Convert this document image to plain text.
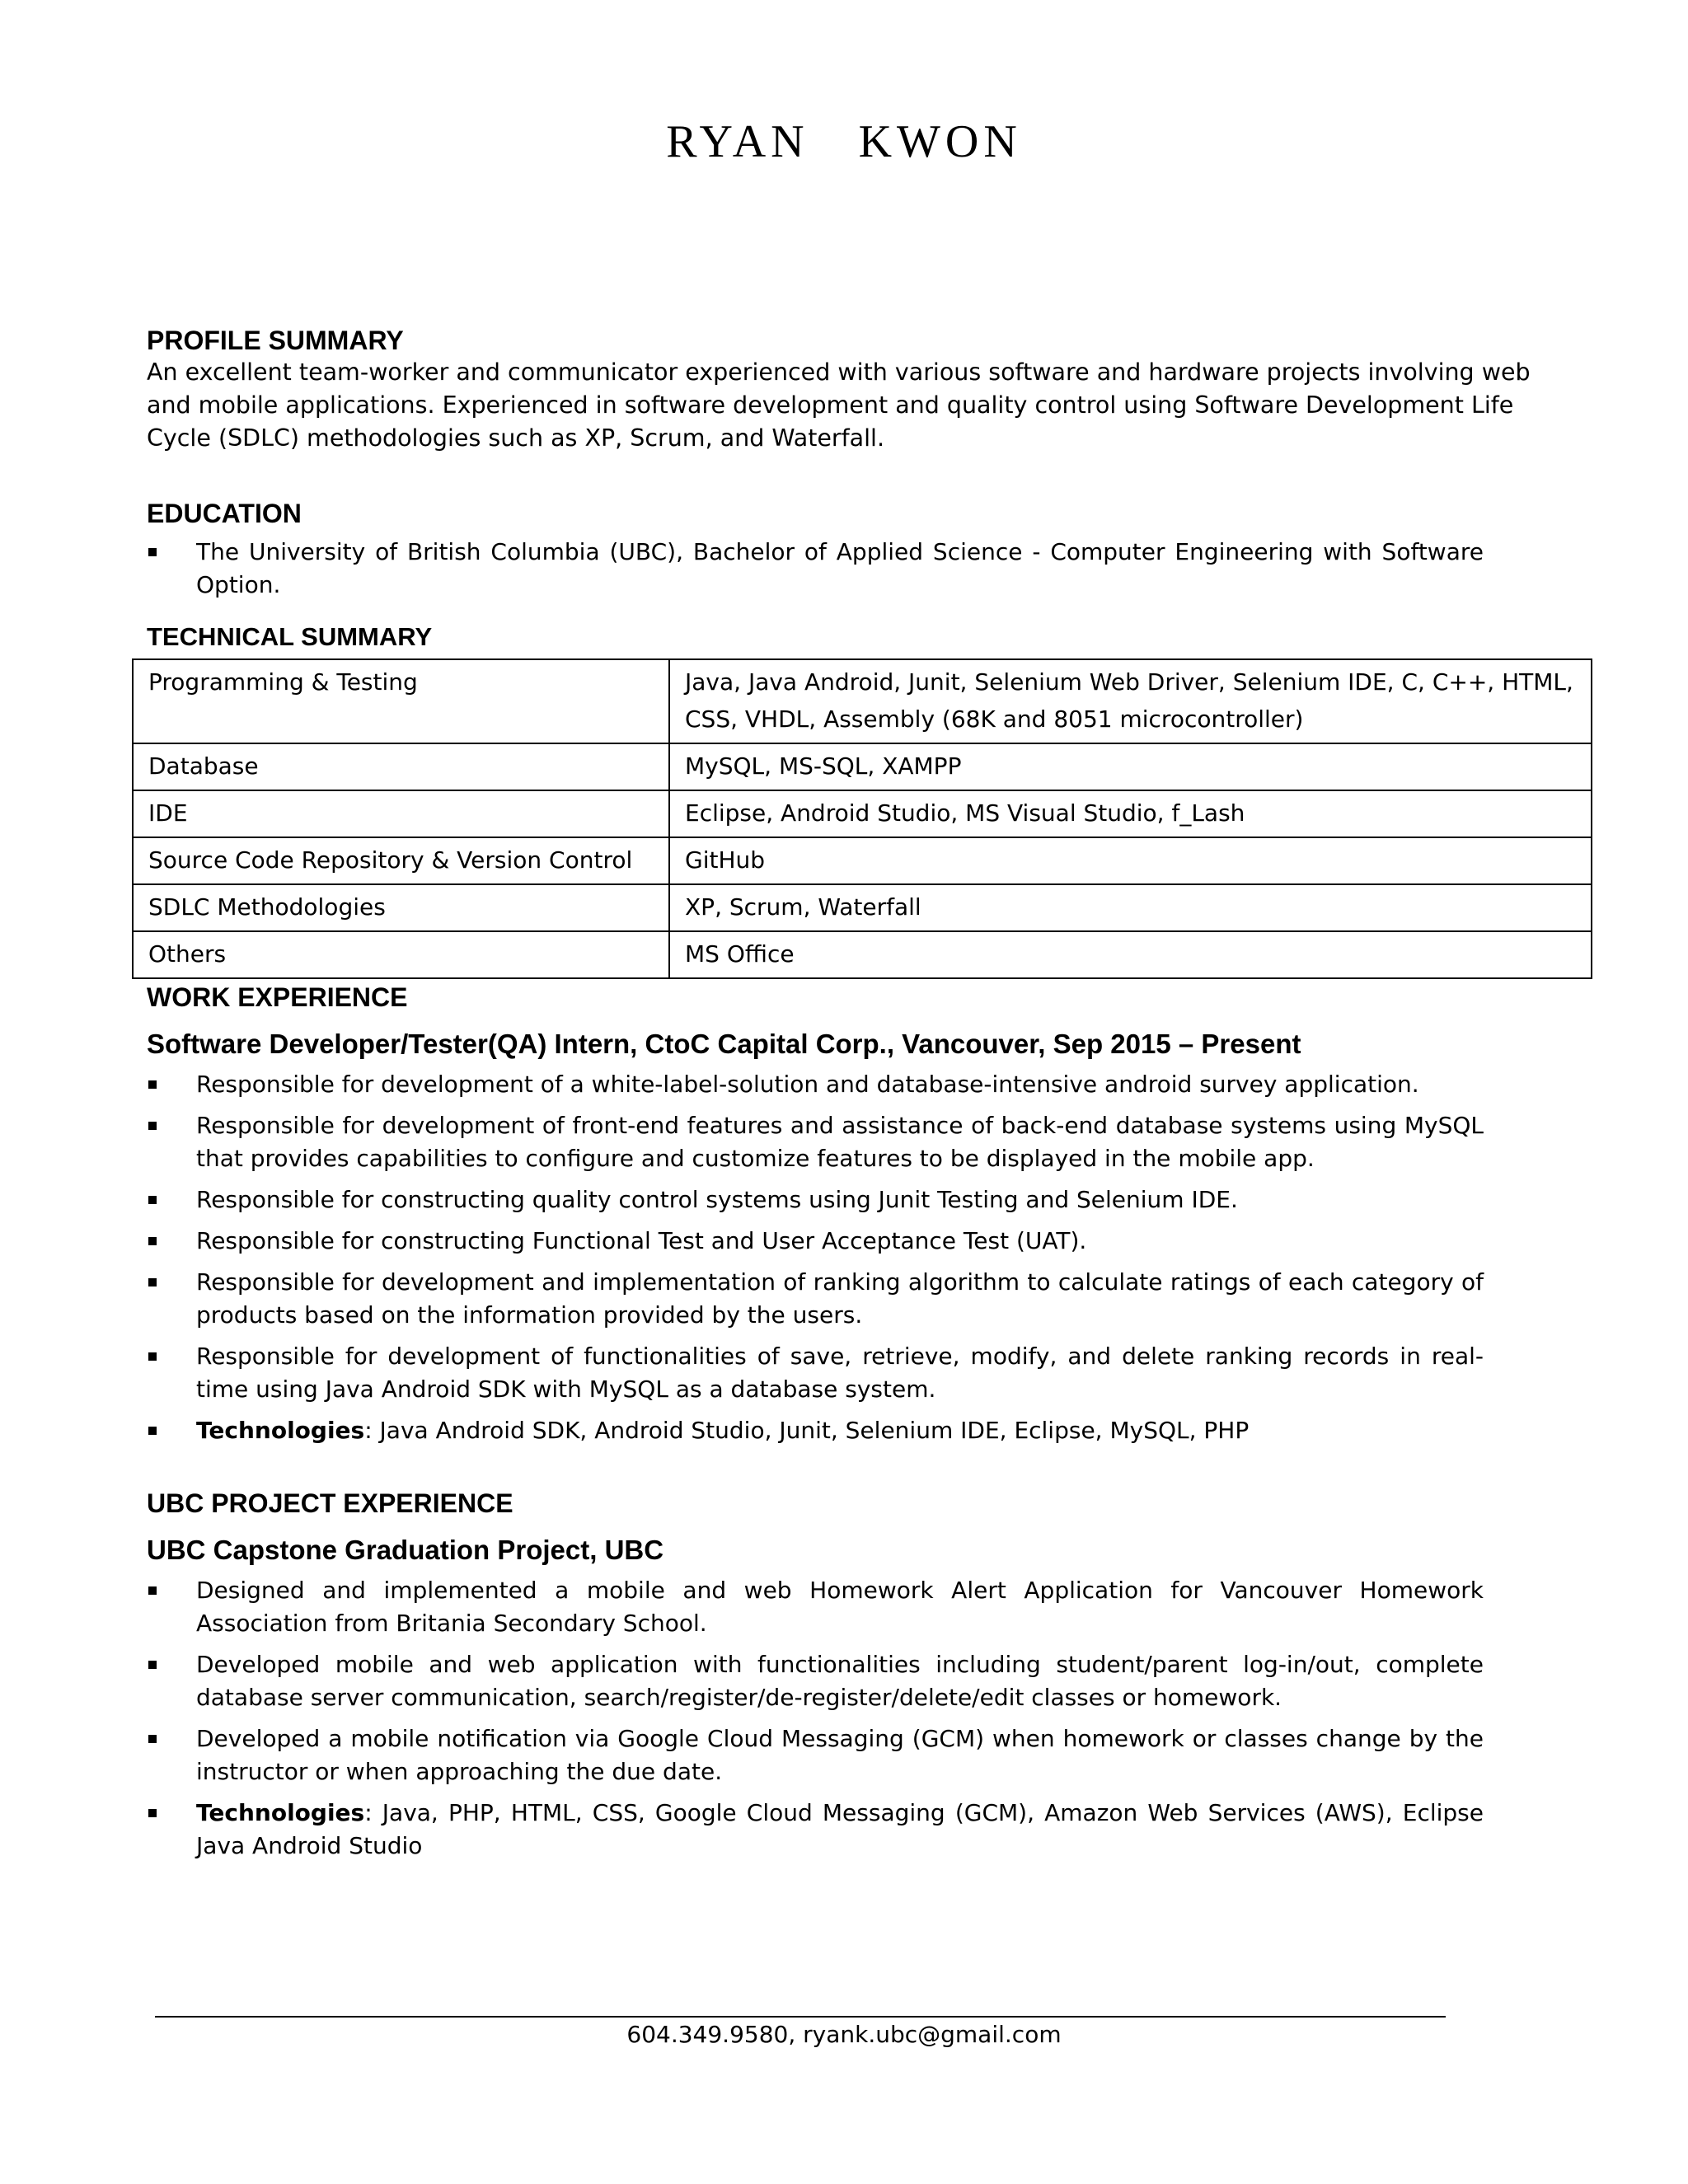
RYAN   KWON
PROFILE SUMMARY

An excellent team-worker and communicator experienced with various software and hardware projects involving web and mobile applications. Experienced in software development and quality control using Software Development Life Cycle (SDLC) methodologies such as XP, Scrum, and Waterfall.

EDUCATION
The University of British Columbia (UBC), Bachelor of Applied Science - Computer Engineering with Software Option.
TECHNICAL SUMMARY
Programming & Testing	Java, Java Android, Junit, Selenium Web Driver, Selenium IDE, C, C++, HTML, CSS, VHDL, Assembly (68K and 8051 microcontroller)
Database	MySQL, MS-SQL, XAMPP
IDE	Eclipse, Android Studio, MS Visual Studio, f_Lash
Source Code Repository & Version Control	GitHub
SDLC Methodologies	XP, Scrum, Waterfall
Others	MS Office
WORK EXPERIENCE
Software Developer/Tester(QA) Intern, CtoC Capital Corp., Vancouver, Sep 2015 – Present
Responsible for development of a white-label-solution and database-intensive android survey application.
Responsible for development of front-end features and assistance of back-end database systems using MySQL that provides capabilities to configure and customize features to be displayed in the mobile app.
Responsible for constructing quality control systems using Junit Testing and Selenium IDE.
Responsible for constructing Functional Test and User Acceptance Test (UAT).
Responsible for development and implementation of ranking algorithm to calculate ratings of each category of products based on the information provided by the users.
Responsible for development of functionalities of save, retrieve, modify, and delete ranking records in real-time using Java Android SDK with MySQL as a database system.
Technologies: Java Android SDK, Android Studio, Junit, Selenium IDE, Eclipse, MySQL, PHP
UBC PROJECT EXPERIENCE
UBC Capstone Graduation Project, UBC
Designed and implemented a mobile and web Homework Alert Application for Vancouver Homework Association from Britania Secondary School.
Developed mobile and web application with functionalities including student/parent log-in/out, complete database server communication, search/register/de-register/delete/edit classes or homework.
Developed a mobile notification via Google Cloud Messaging (GCM) when homework or classes change by the instructor or when approaching the due date.
Technologies: Java, PHP, HTML, CSS, Google Cloud Messaging (GCM), Amazon Web Services (AWS), Eclipse Java Android Studio
604.349.9580, ryank.ubc@gmail.com
